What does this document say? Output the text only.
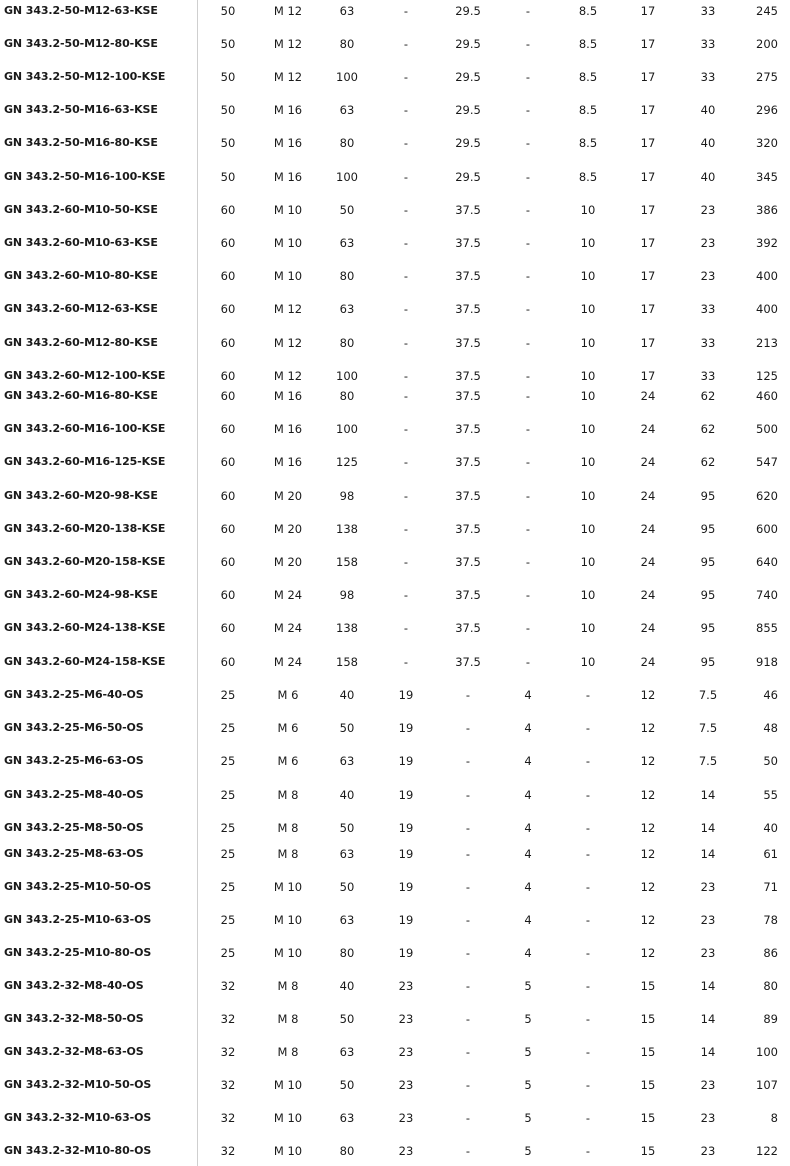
GN 343.2-50-M12-63-KSE	50	M 12	63	-	29.5	-	8.5	17	33	245
GN 343.2-50-M12-80-KSE	50	M 12	80	-	29.5	-	8.5	17	33	200
GN 343.2-50-M12-100-KSE	50	M 12	100	-	29.5	-	8.5	17	33	275
GN 343.2-50-M16-63-KSE	50	M 16	63	-	29.5	-	8.5	17	40	296
GN 343.2-50-M16-80-KSE	50	M 16	80	-	29.5	-	8.5	17	40	320
GN 343.2-50-M16-100-KSE	50	M 16	100	-	29.5	-	8.5	17	40	345
GN 343.2-60-M10-50-KSE	60	M 10	50	-	37.5	-	10	17	23	386
GN 343.2-60-M10-63-KSE	60	M 10	63	-	37.5	-	10	17	23	392
GN 343.2-60-M10-80-KSE	60	M 10	80	-	37.5	-	10	17	23	400
GN 343.2-60-M12-63-KSE	60	M 12	63	-	37.5	-	10	17	33	400
GN 343.2-60-M12-80-KSE	60	M 12	80	-	37.5	-	10	17	33	213
GN 343.2-60-M12-100-KSE	60	M 12	100	-	37.5	-	10	17	33	125
GN 343.2-60-M16-80-KSE	60	M 16	80	-	37.5	-	10	24	62	460
GN 343.2-60-M16-100-KSE	60	M 16	100	-	37.5	-	10	24	62	500
GN 343.2-60-M16-125-KSE	60	M 16	125	-	37.5	-	10	24	62	547
GN 343.2-60-M20-98-KSE	60	M 20	98	-	37.5	-	10	24	95	620
GN 343.2-60-M20-138-KSE	60	M 20	138	-	37.5	-	10	24	95	600
GN 343.2-60-M20-158-KSE	60	M 20	158	-	37.5	-	10	24	95	640
GN 343.2-60-M24-98-KSE	60	M 24	98	-	37.5	-	10	24	95	740
GN 343.2-60-M24-138-KSE	60	M 24	138	-	37.5	-	10	24	95	855
GN 343.2-60-M24-158-KSE	60	M 24	158	-	37.5	-	10	24	95	918
GN 343.2-25-M6-40-OS	25	M 6	40	19	-	4	-	12	7.5	46
GN 343.2-25-M6-50-OS	25	M 6	50	19	-	4	-	12	7.5	48
GN 343.2-25-M6-63-OS	25	M 6	63	19	-	4	-	12	7.5	50
GN 343.2-25-M8-40-OS	25	M 8	40	19	-	4	-	12	14	55
GN 343.2-25-M8-50-OS	25	M 8	50	19	-	4	-	12	14	40
GN 343.2-25-M8-63-OS	25	M 8	63	19	-	4	-	12	14	61
GN 343.2-25-M10-50-OS	25	M 10	50	19	-	4	-	12	23	71
GN 343.2-25-M10-63-OS	25	M 10	63	19	-	4	-	12	23	78
GN 343.2-25-M10-80-OS	25	M 10	80	19	-	4	-	12	23	86
GN 343.2-32-M8-40-OS	32	M 8	40	23	-	5	-	15	14	80
GN 343.2-32-M8-50-OS	32	M 8	50	23	-	5	-	15	14	89
GN 343.2-32-M8-63-OS	32	M 8	63	23	-	5	-	15	14	100
GN 343.2-32-M10-50-OS	32	M 10	50	23	-	5	-	15	23	107
GN 343.2-32-M10-63-OS	32	M 10	63	23	-	5	-	15	23	8
GN 343.2-32-M10-80-OS	32	M 10	80	23	-	5	-	15	23	122
